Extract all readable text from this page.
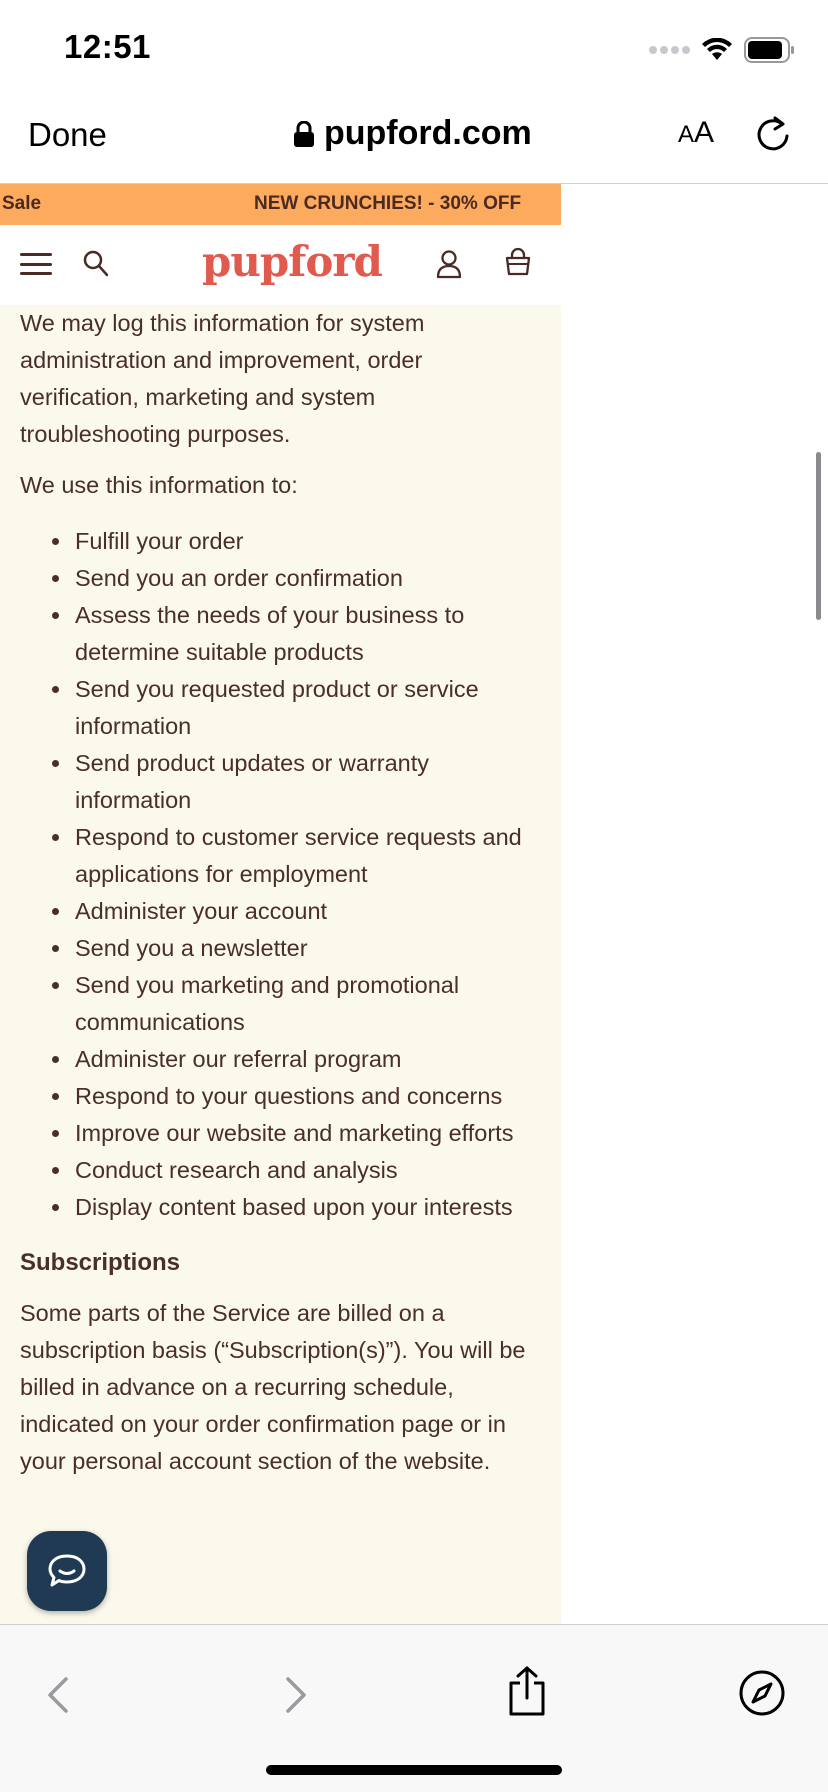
12:51
Done	pupford.com	AA
Sale	NEW CRUNCHIES! - 30% OFF
pupford

We may log this information for system administration and improvement, order verification, marketing and system troubleshooting purposes.

We use this information to:

Fulfill your order
Send you an order confirmation
Assess the needs of your business to determine suitable products
Send you requested product or service information
Send product updates or warranty information
Respond to customer service requests and applications for employment
Administer your account
Send you a newsletter
Send you marketing and promotional communications
Administer our referral program
Respond to your questions and concerns
Improve our website and marketing efforts
Conduct research and analysis
Display content based upon your interests
Subscriptions

Some parts of the Service are billed on a subscription basis (“Subscription(s)”). You will be billed in advance on a recurring schedule, indicated on your order confirmation page or in your personal account section of the website.
